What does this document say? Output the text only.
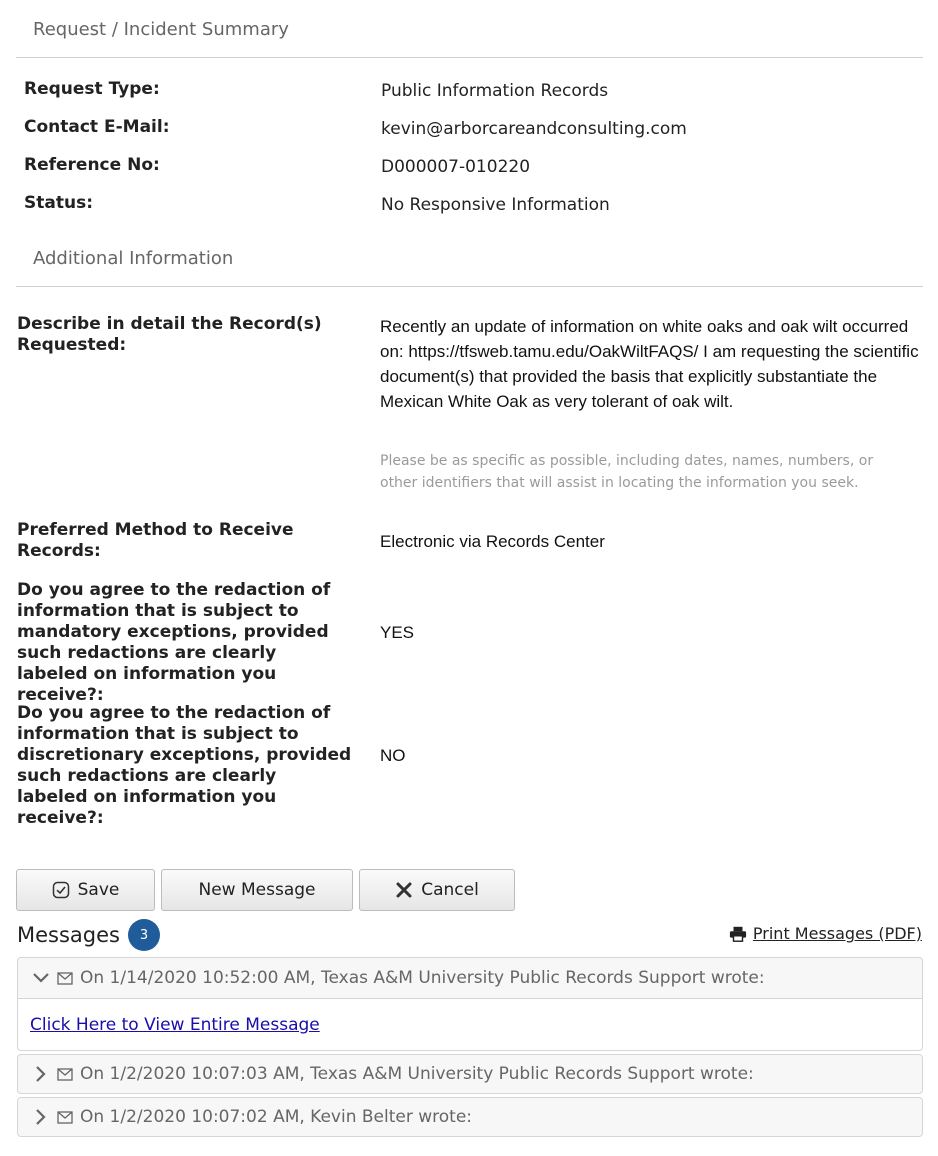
Request / Incident Summary
Request Type:	Public Information Records
Contact E-Mail:	kevin@arborcareandconsulting.com
Reference No:	D000007-010220
Status:	No Responsive Information
Additional Information
Describe in detail the Record(s) Requested:
Recently an update of information on white oaks and oak wilt occurred on: https://tfsweb.tamu.edu/OakWiltFAQS/ I am requesting the scientific document(s) that provided the basis that explicitly substantiate the Mexican White Oak as very tolerant of oak wilt.
Please be as specific as possible, including dates, names, numbers, or other identifiers that will assist in locating the information you seek.
Preferred Method to Receive Records:	Electronic via Records Center
Do you agree to the redaction of information that is subject to mandatory exceptions, provided such redactions are clearly labeled on information you receive?:
YES
Do you agree to the redaction of information that is subject to discretionary exceptions, provided such redactions are clearly labeled on information you receive?:
NO
Save	New Message	Cancel
Messages	3	Print Messages (PDF)
On 1/14/2020 10:52:00 AM, Texas A&M University Public Records Support wrote:
Click Here to View Entire Message
On 1/2/2020 10:07:03 AM, Texas A&M University Public Records Support wrote:
On 1/2/2020 10:07:02 AM, Kevin Belter wrote:
